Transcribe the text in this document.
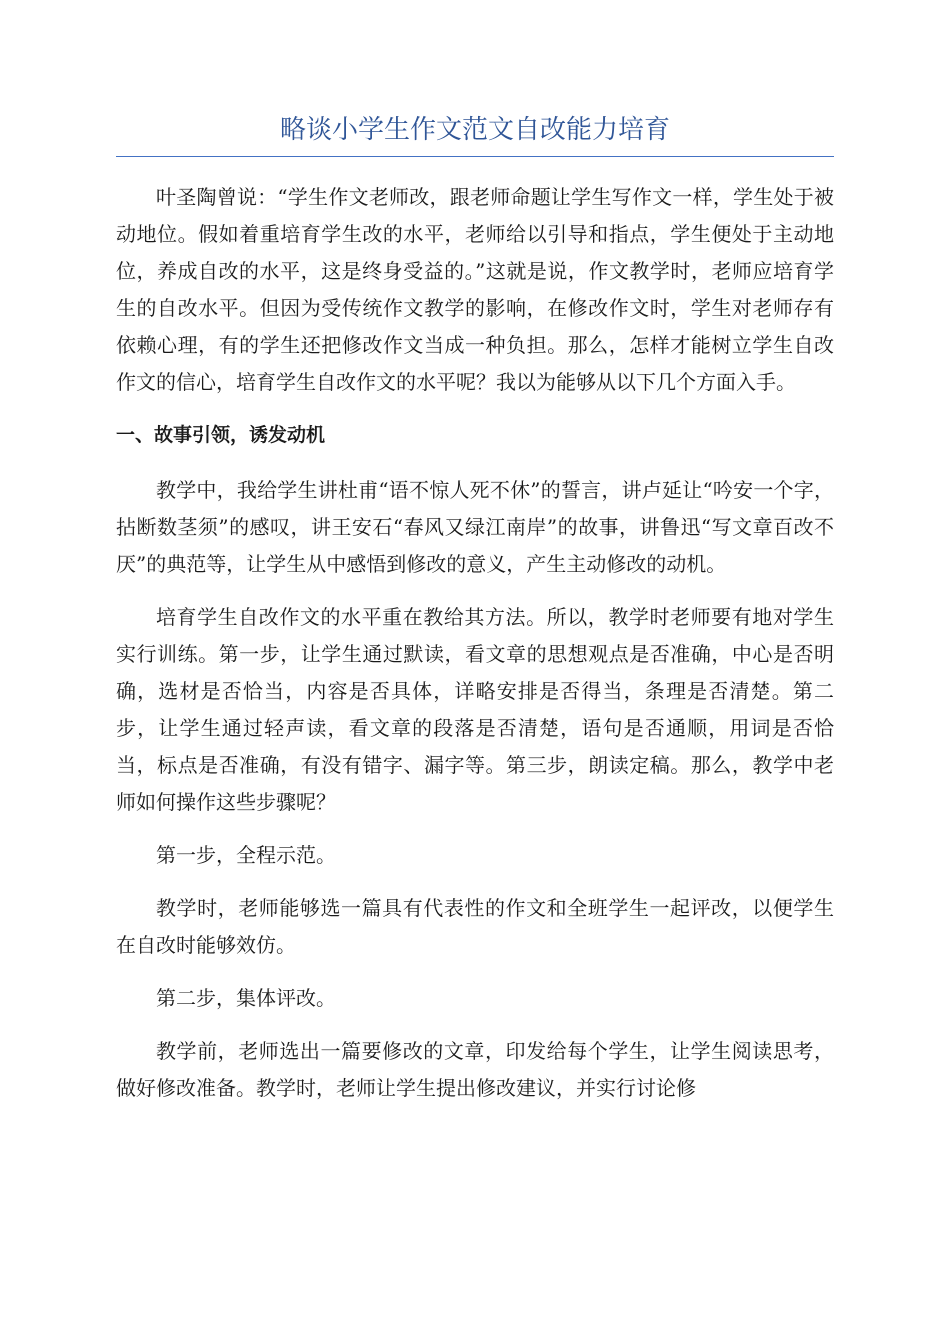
略谈小学生作文范文自改能力培育

叶圣陶曾说：“学生作文老师改，跟老师命题让学生写作文一样，学生处于被动地位。假如着重培育学生改的水平，老师给以引导和指点，学生便处于主动地位，养成自改的水平，这是终身受益的。”这就是说，作文教学时，老师应培育学生的自改水平。但因为受传统作文教学的影响，在修改作文时，学生对老师存有依赖心理，有的学生还把修改作文当成一种负担。那么，怎样才能树立学生自改作文的信心，培育学生自改作文的水平呢？我以为能够从以下几个方面入手。

一、故事引领，诱发动机

教学中，我给学生讲杜甫“语不惊人死不休”的誓言，讲卢延让“吟安一个字，拈断数茎须”的感叹，讲王安石“春风又绿江南岸”的故事，讲鲁迅“写文章百改不厌”的典范等，让学生从中感悟到修改的意义，产生主动修改的动机。

培育学生自改作文的水平重在教给其方法。所以，教学时老师要有地对学生实行训练。第一步，让学生通过默读，看文章的思想观点是否准确，中心是否明确，选材是否恰当，内容是否具体，详略安排是否得当，条理是否清楚。第二步，让学生通过轻声读，看文章的段落是否清楚，语句是否通顺，用词是否恰当，标点是否准确，有没有错字、漏字等。第三步，朗读定稿。那么，教学中老师如何操作这些步骤呢？

第一步，全程示范。

教学时，老师能够选一篇具有代表性的作文和全班学生一起评改，以便学生在自改时能够效仿。

第二步，集体评改。

教学前，老师选出一篇要修改的文章，印发给每个学生，让学生阅读思考，做好修改准备。教学时，老师让学生提出修改建议，并实行讨论修
